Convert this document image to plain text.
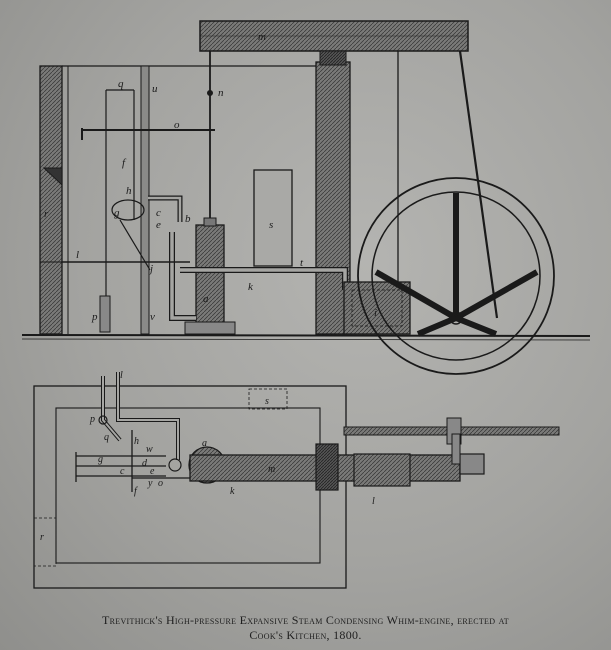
m
q	u	n
o
f
h
b
c
e
g
s
r
l
j	t
k
a
p	v	i
l
p
s
q	h
w
a
g	d
e
c	m
f
y o
k
l
r
Trevithick's High-pressure Expansive Steam Condensing Whim-engine, erected at
Cook's Kitchen, 1800.
